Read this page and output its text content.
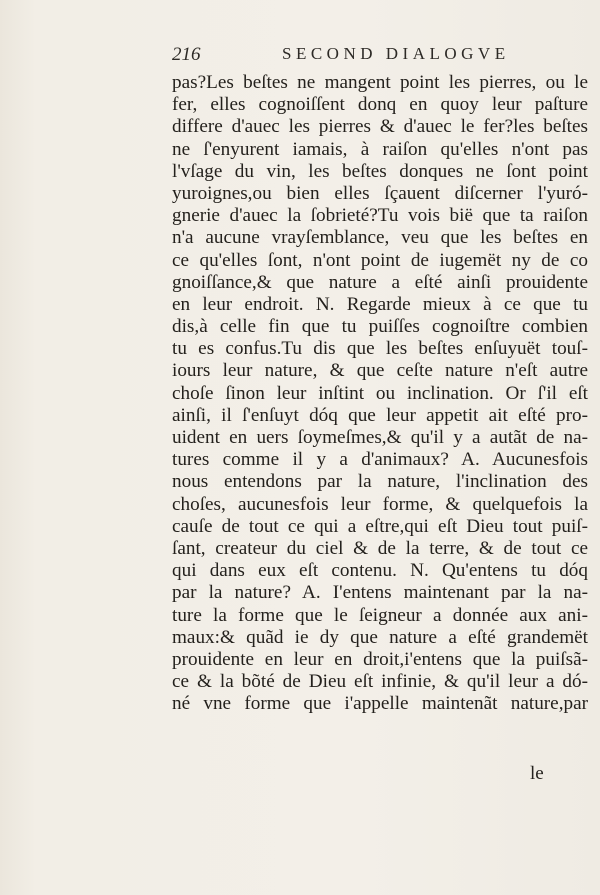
216	SECOND DIALOGVE
pas?Les beſtes ne mangent point les pierres, ou le
fer, elles cognoiſſent donq en quoy leur paſture
differe d'auec les pierres & d'auec le fer?les beſtes
ne ſ'enyurent iamais, à raiſon qu'elles n'ont pas
l'vſage du vin, les beſtes donques ne ſont point
yuroignes,ou bien elles ſçauent diſcerner l'yuró-
gnerie d'auec la ſobrieté?Tu vois bië que ta raiſon
n'a aucune vrayſemblance, veu que les beſtes en
ce qu'elles ſont, n'ont point de iugemët ny de co
gnoiſſance,& que nature a eſté ainſi prouidente
en leur endroit. N. Regarde mieux à ce que tu
dis,à celle fin que tu puiſſes cognoiſtre combien
tu es confus.Tu dis que les beſtes enſuyuët touſ-
iours leur nature, & que ceſte nature n'eſt autre
choſe ſinon leur inſtint ou inclination. Or ſ'il eſt
ainſi, il ſ'enſuyt dóq que leur appetit ait eſté pro-
uident en uers ſoymeſmes,& qu'il y a autãt de na-
tures comme il y a d'animaux? A. Aucunesfois
nous entendons par la nature, l'inclination des
choſes, aucunesfois leur forme, & quelquefois la
cauſe de tout ce qui a eſtre,qui eſt Dieu tout puiſ-
ſant, createur du ciel & de la terre, & de tout ce
qui dans eux eſt contenu. N. Qu'entens tu dóq
par la nature? A. I'entens maintenant par la na-
ture la forme que le ſeigneur a donnée aux ani-
maux:& quãd ie dy que nature a eſté grandemët
prouidente en leur en droit,i'entens que la puiſsã-
ce & la bõté de Dieu eſt infinie, & qu'il leur a dó-
né vne forme que i'appelle maintenãt nature,par
le
